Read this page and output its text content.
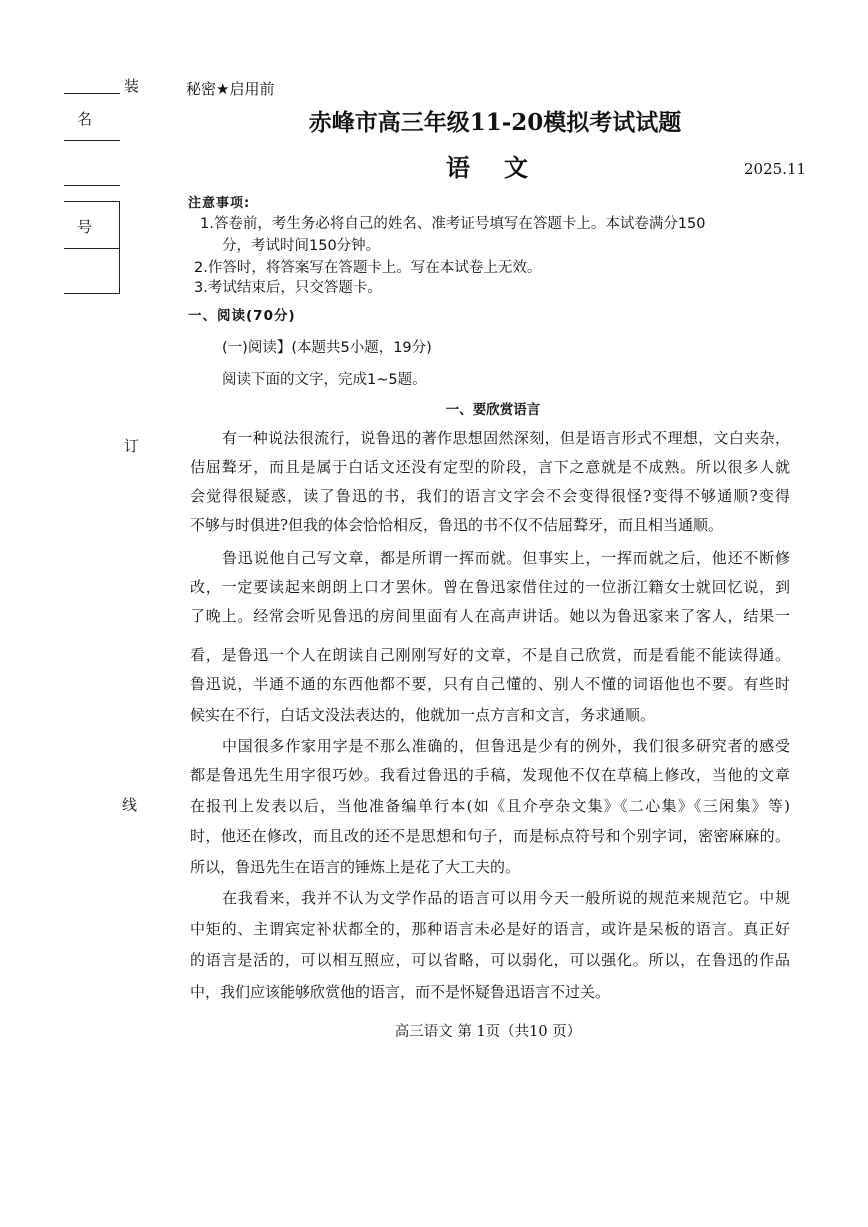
装
名
号
订
线
秘密★启用前
赤峰市高三年级11-20模拟考试试题
语文	2025.11
注意事项:
1.答卷前，考生务必将自己的姓名、准考证号填写在答题卡上。本试卷满分150
分，考试时间150分钟。
2.作答时，将答案写在答题卡上。写在本试卷上无效。
3.考试结束后，只交答题卡。
一、阅读(70分)
(一)阅读】(本题共5小题，19分)
阅读下面的文字，完成1~5题。
一、要欣赏语言
有一种说法很流行，说鲁迅的著作思想固然深刻，但是语言形式不理想，文白夹杂，
佶屈聱牙，而且是属于白话文还没有定型的阶段，言下之意就是不成熟。所以很多人就
会觉得很疑惑，读了鲁迅的书，我们的语言文字会不会变得很怪?变得不够通顺?变得
不够与时俱进?但我的体会恰恰相反，鲁迅的书不仅不佶屈聱牙，而且相当通顺。
鲁迅说他自己写文章，都是所谓一挥而就。但事实上，一挥而就之后，他还不断修
改，一定要读起来朗朗上口才罢休。曾在鲁迅家借住过的一位浙江籍女士就回忆说，到
了晚上。经常会听见鲁迅的房间里面有人在高声讲话。她以为鲁迅家来了客人，结果一
看，是鲁迅一个人在朗读自己刚刚写好的文章，不是自己欣赏，而是看能不能读得通。
鲁迅说，半通不通的东西他都不要，只有自己懂的、别人不懂的词语他也不要。有些时
候实在不行，白话文没法表达的，他就加一点方言和文言，务求通顺。
中国很多作家用字是不那么准确的，但鲁迅是少有的例外，我们很多研究者的感受
都是鲁迅先生用字很巧妙。我看过鲁迅的手稿，发现他不仅在草稿上修改，当他的文章
在报刊上发表以后，当他准备编单行本(如《且介亭杂文集》《二心集》《三闲集》等)
时，他还在修改，而且改的还不是思想和句子，而是标点符号和个别字词，密密麻麻的。
所以，鲁迅先生在语言的锤炼上是花了大工夫的。
在我看来，我并不认为文学作品的语言可以用今天一般所说的规范来规范它。中规
中矩的、主谓宾定补状都全的，那种语言未必是好的语言，或许是呆板的语言。真正好
的语言是活的，可以相互照应，可以省略，可以弱化，可以强化。所以，在鲁迅的作品
中，我们应该能够欣赏他的语言，而不是怀疑鲁迅语言不过关。
高三语文 第 1页（共10 页）
